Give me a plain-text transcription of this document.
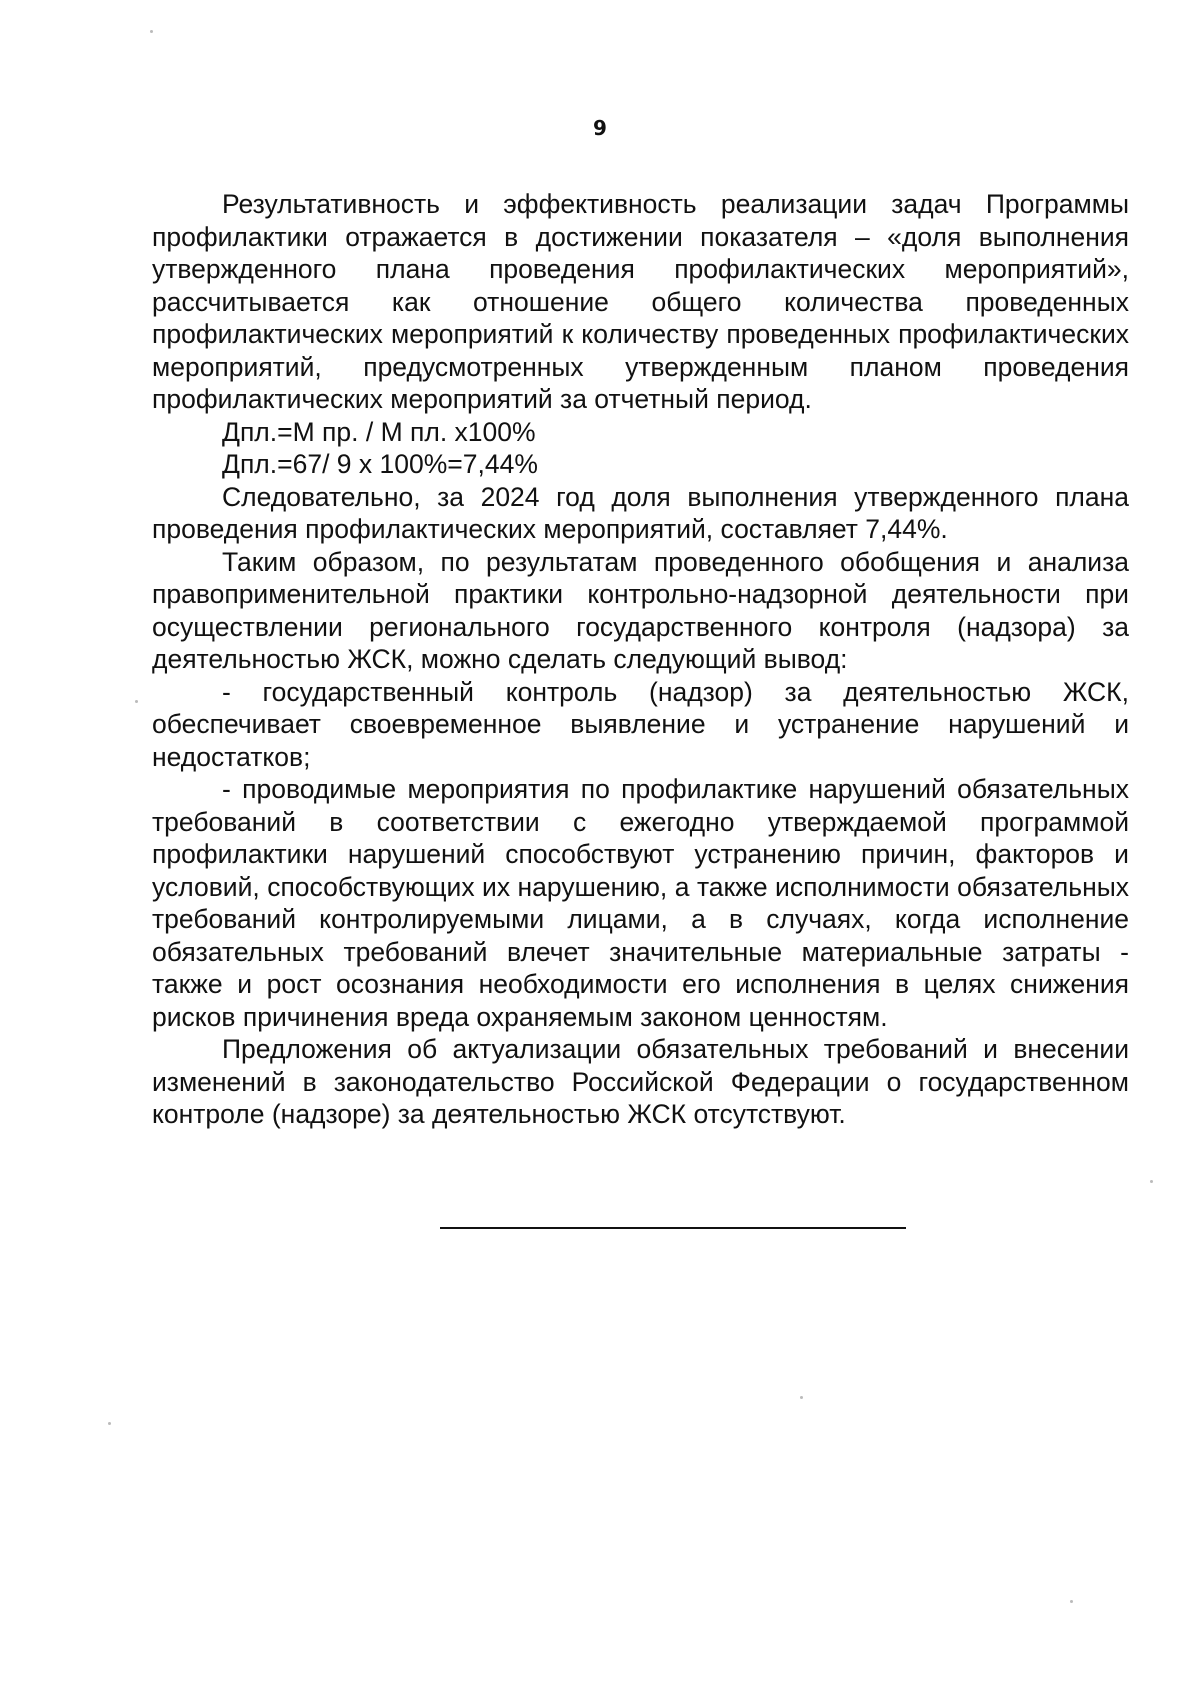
9

Результативность и эффективность реализации задач Программы профилактики отражается в достижении показателя – «доля выполнения утвержденного плана проведения профилактических мероприятий», рассчитывается как отношение общего количества проведенных профилактических мероприятий к количеству проведенных профилактических мероприятий, предусмотренных утвержденным планом проведения профилактических мероприятий за отчетный период.

Дпл.=М пр. / М пл. х100%

Дпл.=67/ 9 х 100%=7,44%

Следовательно, за 2024 год доля выполнения утвержденного плана проведения профилактических мероприятий, составляет 7,44%.

Таким образом, по результатам проведенного обобщения и анализа правоприменительной практики контрольно-надзорной деятельности при осуществлении регионального государственного контроля (надзора) за деятельностью ЖСК, можно сделать следующий вывод:

- государственный контроль (надзор) за деятельностью ЖСК, обеспечивает своевременное выявление и устранение нарушений и недостатков;

- проводимые мероприятия по профилактике нарушений обязательных требований в соответствии с ежегодно утверждаемой программой профилактики нарушений способствуют устранению причин, факторов и условий, способствующих их нарушению, а также исполнимости обязательных требований контролируемыми лицами, а в случаях, когда исполнение обязательных требований влечет значительные материальные затраты - также и рост осознания необходимости его исполнения в целях снижения рисков причинения вреда охраняемым законом ценностям.

Предложения об актуализации обязательных требований и внесении изменений в законодательство Российской Федерации о государственном контроле (надзоре) за деятельностью ЖСК отсутствуют.
